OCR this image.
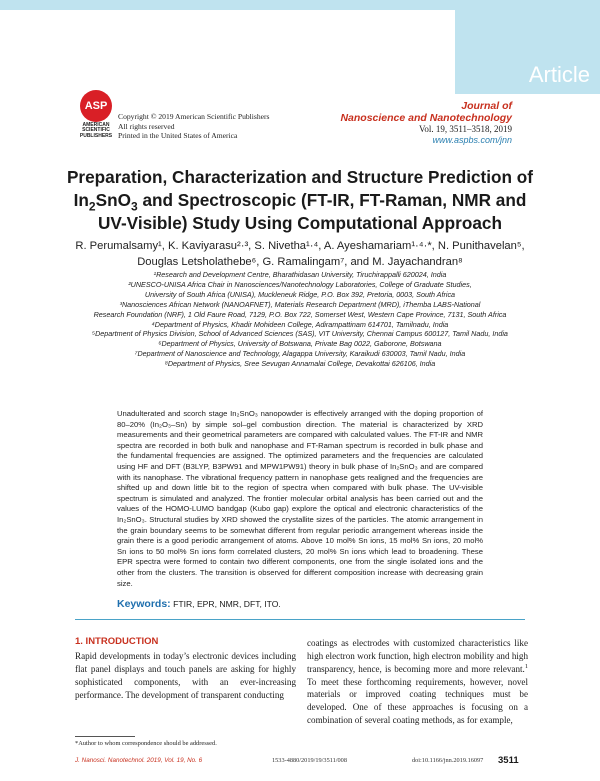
Article
ASP
AMERICAN
SCIENTIFIC
PUBLISHERS
Copyright © 2019 American Scientific Publishers
All rights reserved
Printed in the United States of America
Journal of
Nanoscience and Nanotechnology
Vol. 19, 3511–3518, 2019
www.aspbs.com/jnn
Preparation, Characterization and Structure Prediction of
$In_2SnO_3$ and Spectroscopic (FT-IR, FT-Raman, NMR and
UV-Visible) Study Using Computational Approach
R. Perumalsamy¹, K. Kaviyarasu²·³, S. Nivetha¹·⁴, A. Ayeshamariam¹·⁴·*, N. Punithavelan⁵,
Douglas Letsholathebe⁶, G. Ramalingam⁷, and M. Jayachandran⁸
¹Research and Development Centre, Bharathidasan University, Tiruchirappalli 620024, India
²UNESCO-UNISA Africa Chair in Nanosciences/Nanotechnology Laboratories, College of Graduate Studies,
University of South Africa (UNISA), Muckleneuk Ridge, P.O. Box 392, Pretoria, 0003, South Africa
³Nanosciences African Network (NANOAFNET), Materials Research Department (MRD), iThemba LABS-National
Research Foundation (NRF), 1 Old Faure Road, 7129, P.O. Box 722, Somerset West, Western Cape Province, 7131, South Africa
⁴Department of Physics, Khadir Mohideen College, Adirampattinam 614701, Tamilnadu, India
⁵Department of Physics Division, School of Advanced Sciences (SAS), VIT University, Chennai Campus 600127, Tamil Nadu, India
⁶Department of Physics, University of Botswana, Private Bag 0022, Gaborone, Botswana
⁷Department of Nanoscience and Technology, Alagappa University, Karaikudi 630003, Tamil Nadu, India
⁸Department of Physics, Sree Sevugan Annamalai College, Devakottai 626106, India
Unadulterated and scorch stage In₂SnO₃ nanopowder is effectively arranged with the doping proportion of 80–20% (In₂O₃–Sn) by simple sol–gel combustion direction. The material is characterized by XRD measurements and their geometrical parameters are compared with calculated values. The FT-IR and NMR spectra are recorded in both bulk and nanophase and FT-Raman spectrum is recorded in bulk phase and the fundamental frequencies are assigned. The optimized parameters and the frequencies are calculated using HF and DFT (B3LYP, B3PW91 and MPW1PW91) theory in bulk phase of In₂SnO₃ and are compared with its nanophase. The vibrational frequency pattern in nanophase gets realigned and the frequencies are shifted up and down little bit to the region of spectra when compared with bulk phase. The UV-visible spectrum is simulated and analyzed. The frontier molecular orbital analysis has been carried out and the values of the HOMO-LUMO bandgap (Kubo gap) explore the optical and electronic characteristics of the In₂SnO₃. Structural studies by XRD showed the crystallite sizes of the particles. The atomic arrangement in the grain boundary seems to be somewhat different from regular periodic arrangement whereas inside the grain there is a good periodic arrangement of atoms. Above 10 mol% Sn ions, 15 mol% Sn ions, 20 mol% Sn ions to 50 mol% Sn ions form correlated clusters, 20 mol% Sn ions which lead to broadening. These EPR spectra were formed to contain two different components, one from the single isolated ions and the other from the clusters. The transition is observed for different composition increase with decreasing grain size.
Keywords: FTIR, EPR, NMR, DFT, ITO.
1. INTRODUCTION
Rapid developments in today’s electronic devices including flat panel displays and touch panels are asking for highly sophisticated components, with an ever-increasing performance. The development of transparent conducting
coatings as electrodes with customized characteristics like high electron work function, high electron mobility and high transparency, hence, is becoming more and more relevant.$^1$ To meet these forthcoming requirements, however, novel materials or improved coating techniques must be developed. One of these approaches is focusing on a combination of several coating methods, as for example,
*Author to whom correspondence should be addressed.
J. Nanosci. Nanotechnol. 2019, Vol. 19, No. 6	1533-4880/2019/19/3511/008	doi:10.1166/jnn.2019.16097 3511
